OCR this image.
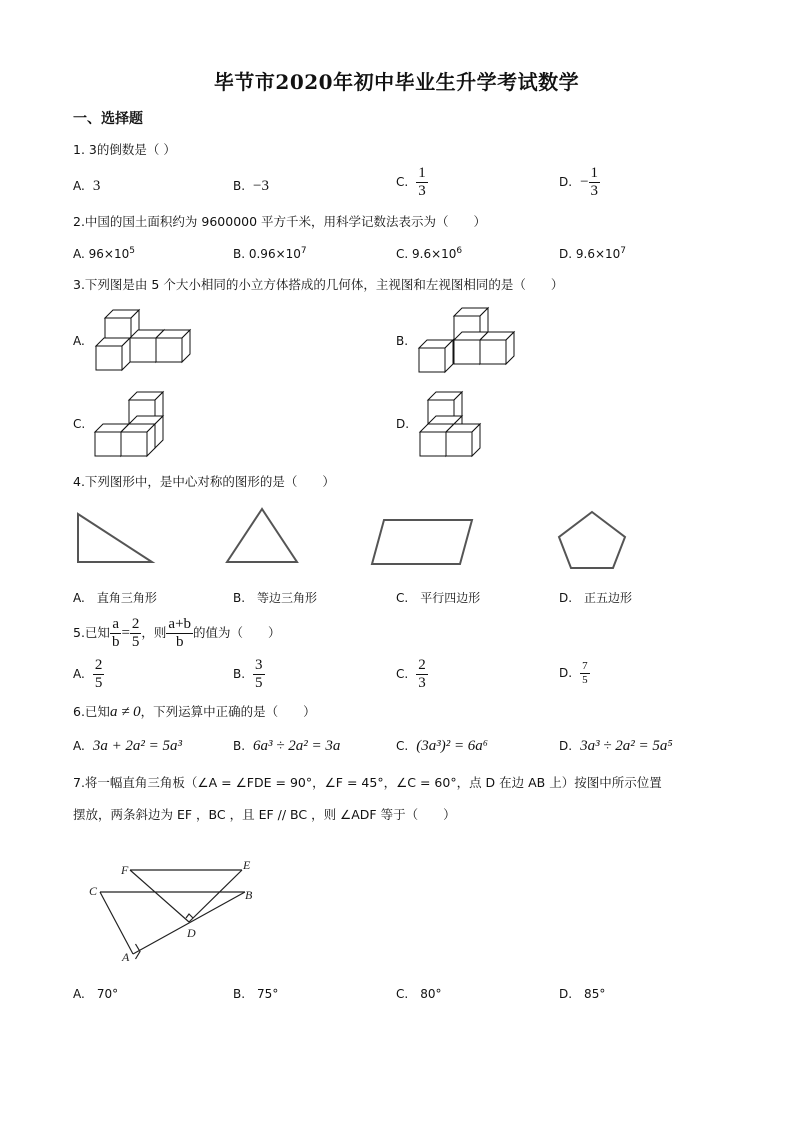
毕节市2020年初中毕业生升学考试数学
一、选择题
1. 3的倒数是（ ）
A. 3	B. −3	C. $\frac{1}{3}$	D. − $\frac{1}{3}$
2.中国的国土面积约为 9600000 平方千米，用科学记数法表示为（　　）
A. $96\times 10^5$	B. $0.96\times 10^7$	C. $9.6\times 10^6$	D. $9.6\times 10^7$
3.下列图是由 5 个大小相同的小立方体搭成的几何体，主视图和左视图相同的是（　　）
A.	B.
C.	D.
4.下列图形中，是中心对称的图形的是（　　）
A.　直角三角形	B.　等边三角形	C.　平行四边形	D.　正五边形
5.已知 $\frac{a}{b} = \frac{2}{5}$ ，则 $\frac{a+b}{b}$ 的值为（　　）
A. $\frac{2}{5}$	B. $\frac{3}{5}$	C. $\frac{2}{3}$	D. $\frac{7}{5}$
6.已知a ≠ 0，下列运算中正确的是（　　）
A. 3a + 2a² = 5a³	B. 6a³ ÷ 2a² = 3a	C. (3a³)² = 6a⁶	D. 3a³ ÷ 2a² = 5a⁵
7.将一幅直角三角板（∠A = ∠FDE = 90°，∠F = 45°，∠C = 60°，点 D 在边 AB 上）按图中所示位置
摆放，两条斜边为 EF ，BC ，且 EF // BC ，则 ∠ADF 等于（　　）
F	E
C	B
D
A
A.　70°	B.　75°	C.　80°	D.　85°
